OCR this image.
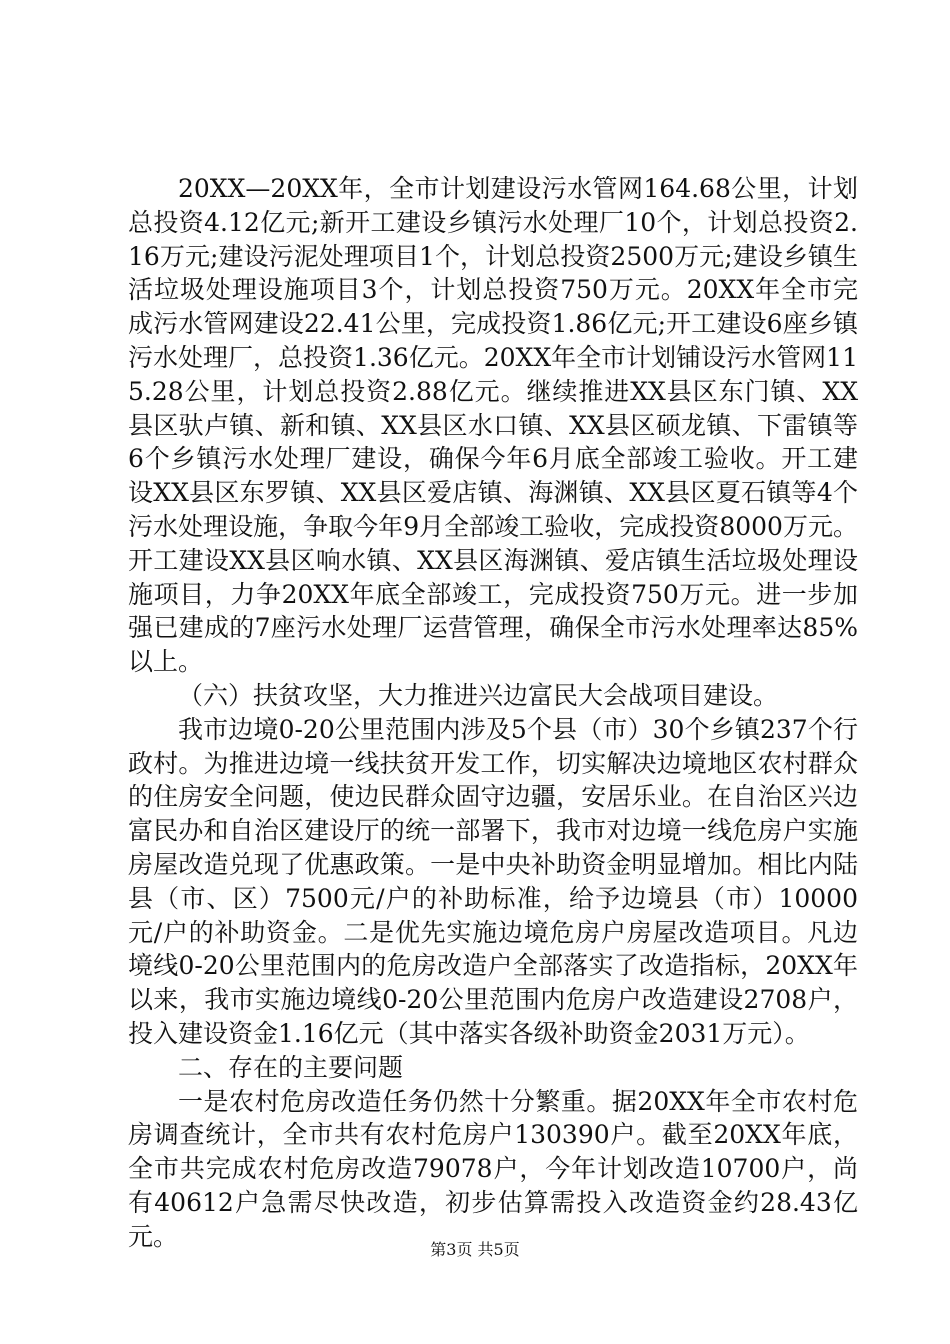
20XX—20XX年，全市计划建设污水管网164.68公里，计划总投资4.12亿元;新开工建设乡镇污水处理厂10个，计划总投资2.16万元;建设污泥处理项目1个，计划总投资2500万元;建设乡镇生活垃圾处理设施项目3个，计划总投资750万元。20XX年全市完成污水管网建设22.41公里，完成投资1.86亿元;开工建设6座乡镇污水处理厂，总投资1.36亿元。20XX年全市计划铺设污水管网115.28公里，计划总投资2.88亿元。继续推进XX县区东门镇、XX县区驮卢镇、新和镇、XX县区水口镇、XX县区硕龙镇、下雷镇等6个乡镇污水处理厂建设，确保今年6月底全部竣工验收。开工建设XX县区东罗镇、XX县区爱店镇、海渊镇、XX县区夏石镇等4个污水处理设施，争取今年9月全部竣工验收，完成投资8000万元。开工建设XX县区响水镇、XX县区海渊镇、爱店镇生活垃圾处理设施项目，力争20XX年底全部竣工，完成投资750万元。进一步加强已建成的7座污水处理厂运营管理，确保全市污水处理率达85%以上。

（六）扶贫攻坚，大力推进兴边富民大会战项目建设。

我市边境0-20公里范围内涉及5个县（市）30个乡镇237个行政村。为推进边境一线扶贫开发工作，切实解决边境地区农村群众的住房安全问题，使边民群众固守边疆，安居乐业。在自治区兴边富民办和自治区建设厅的统一部署下，我市对边境一线危房户实施房屋改造兑现了优惠政策。一是中央补助资金明显增加。相比内陆县（市、区）7500元/户的补助标准，给予边境县（市）10000元/户的补助资金。二是优先实施边境危房户房屋改造项目。凡边境线0-20公里范围内的危房改造户全部落实了改造指标，20XX年以来，我市实施边境线0-20公里范围内危房户改造建设2708户，投入建设资金1.16亿元（其中落实各级补助资金2031万元）。

二、存在的主要问题

一是农村危房改造任务仍然十分繁重。据20XX年全市农村危房调查统计，全市共有农村危房户130390户。截至20XX年底，全市共完成农村危房改造79078户，今年计划改造10700户，尚有40612户急需尽快改造，初步估算需投入改造资金约28.43亿元。	第3页 共5页
